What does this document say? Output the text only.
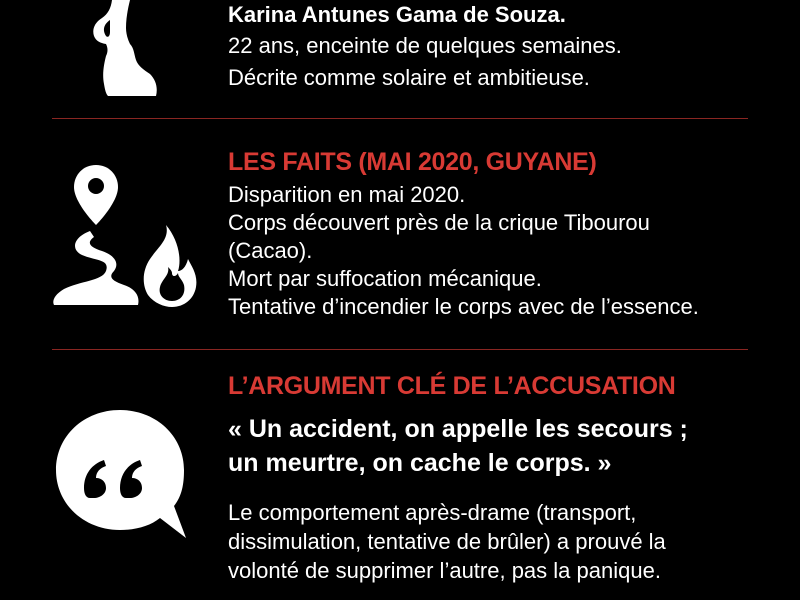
Karina Antunes Gama de Souza.
22 ans, enceinte de quelques semaines.
Décrite comme solaire et ambitieuse.
LES FAITS (MAI 2020, GUYANE)
Disparition en mai 2020.
Corps découvert près de la crique Tibourou
(Cacao).
Mort par suffocation mécanique.
Tentative d’incendier le corps avec de l’essence.
L’ARGUMENT CLÉ DE L’ACCUSATION
« Un accident, on appelle les secours ;
un meurtre, on cache le corps. »
Le comportement après-drame (transport,
dissimulation, tentative de brûler) a prouvé la
volonté de supprimer l’autre, pas la panique.
